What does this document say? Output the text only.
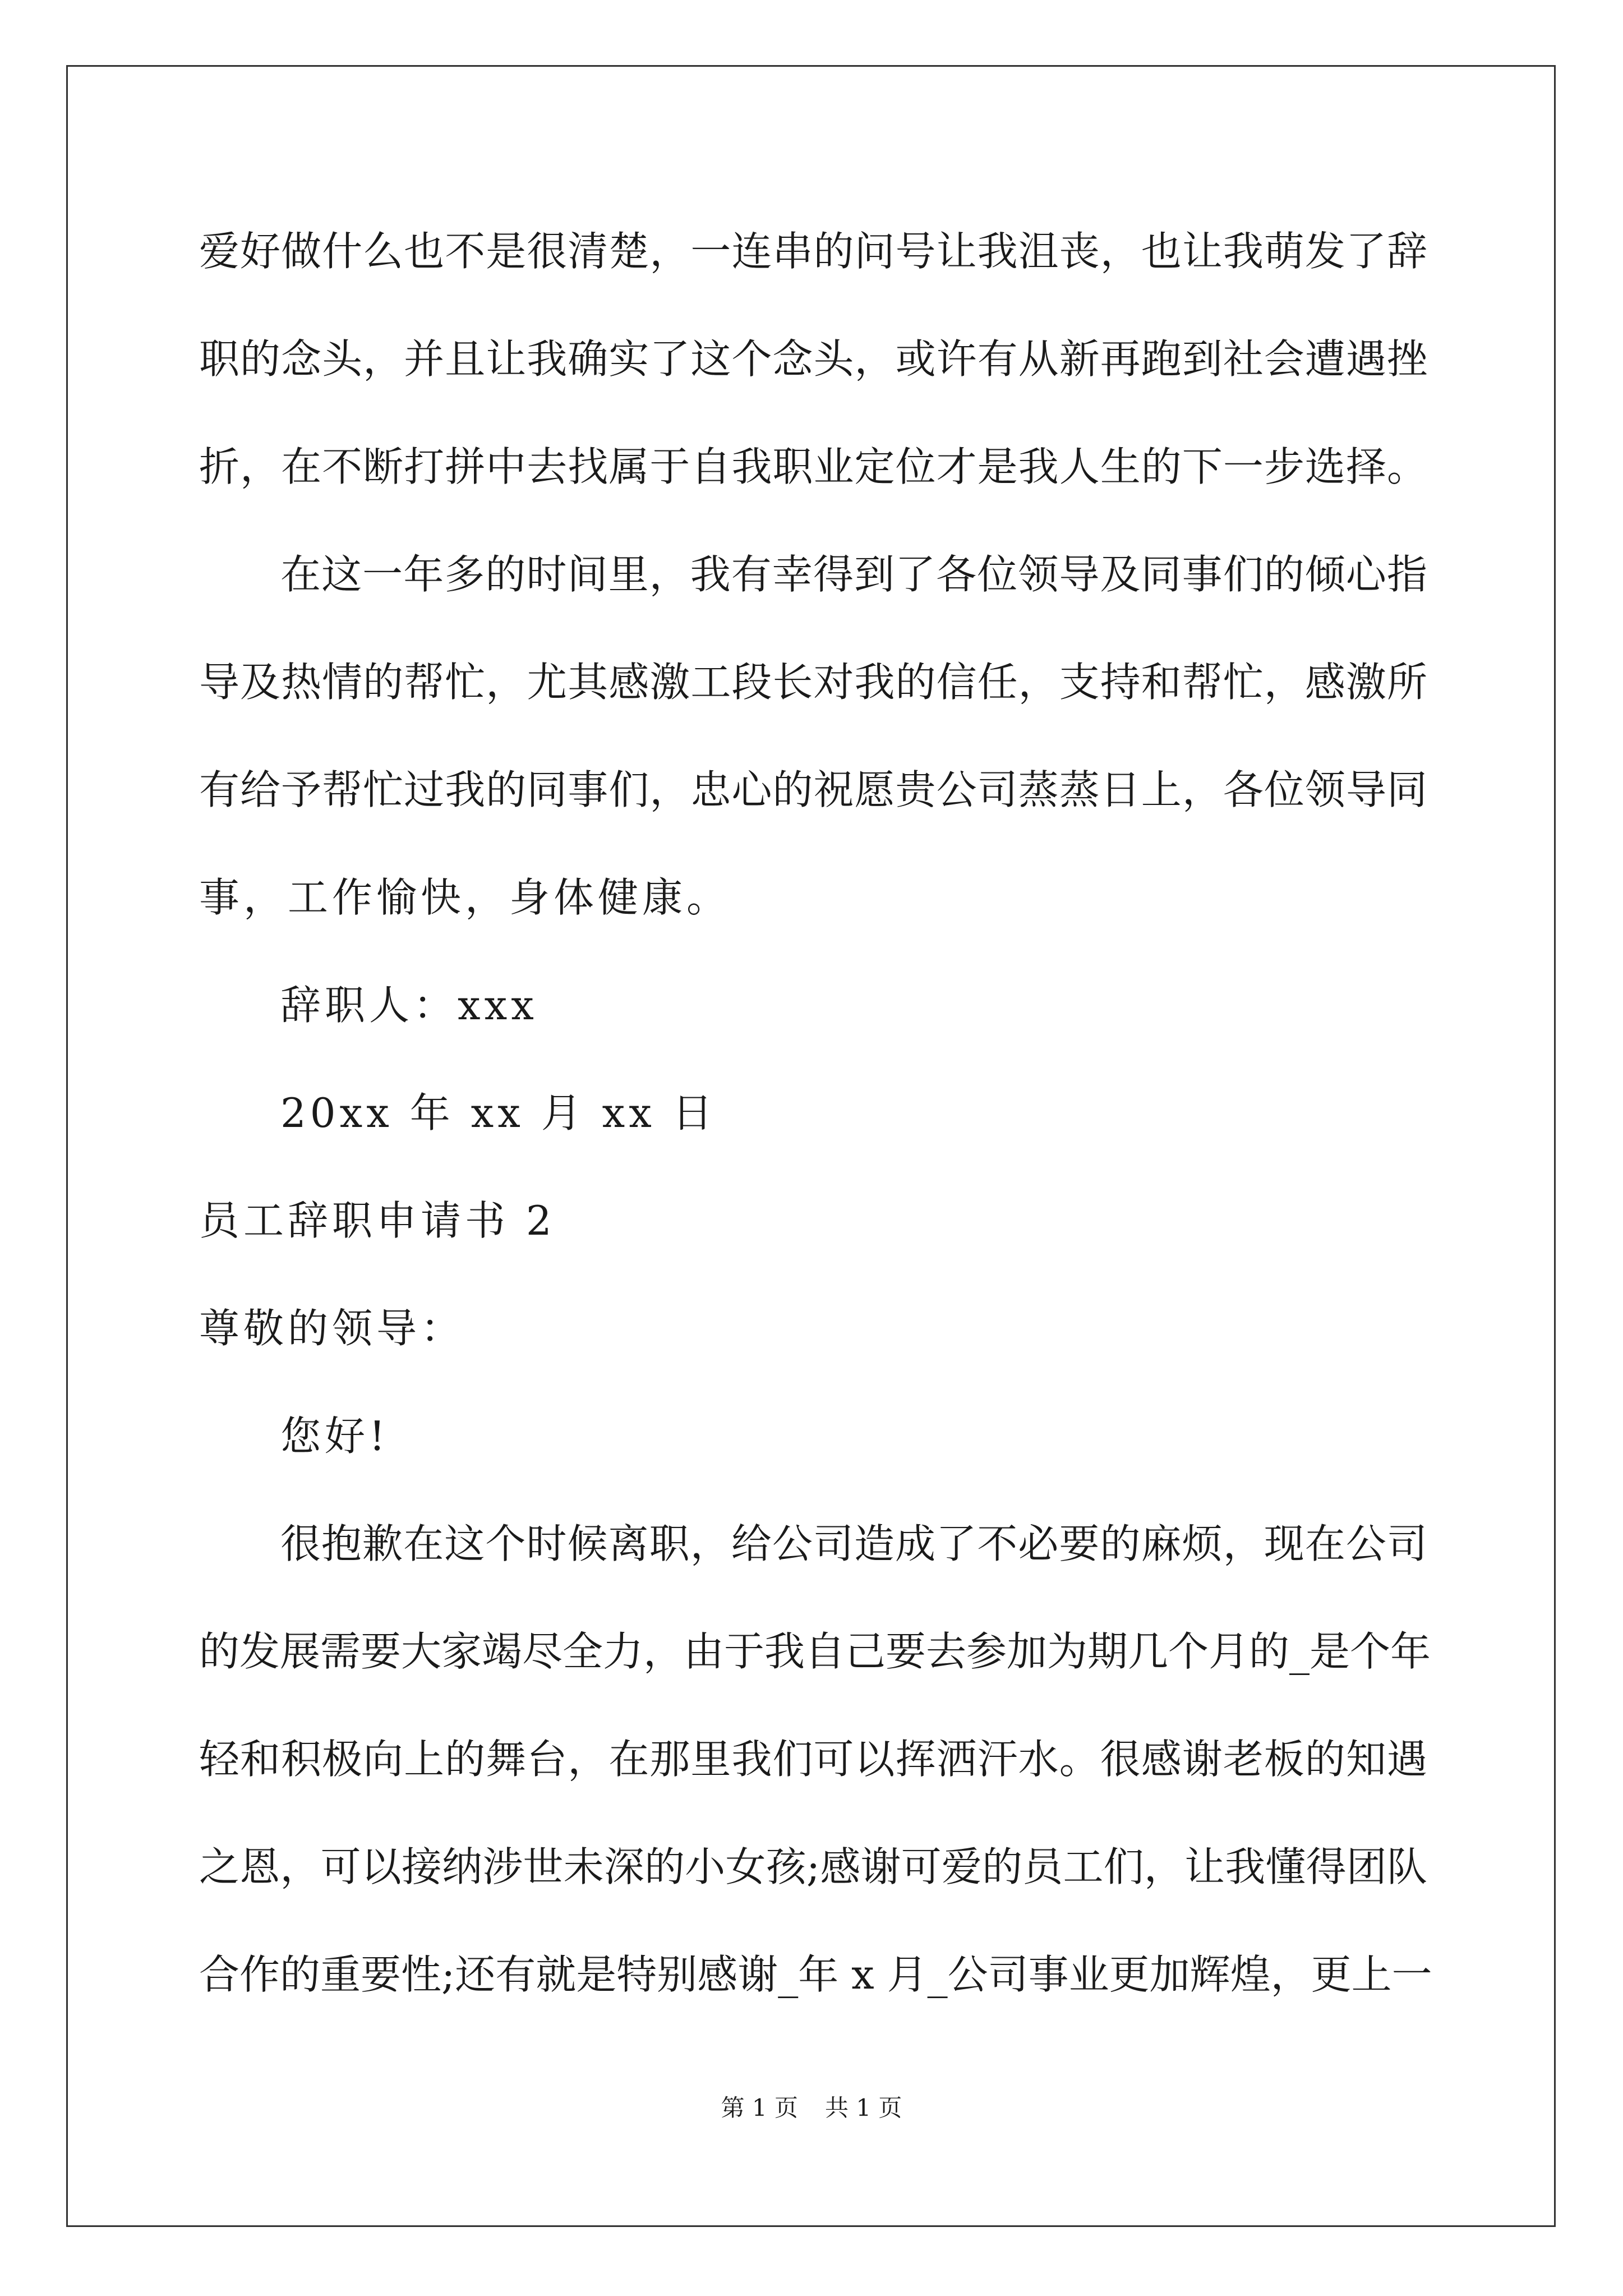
爱好做什么也不是很清楚，一连串的问号让我沮丧，也让我萌发了辞
职的念头，并且让我确实了这个念头，或许有从新再跑到社会遭遇挫
折，在不断打拼中去找属于自我职业定位才是我人生的下一步选择。
在这一年多的时间里，我有幸得到了各位领导及同事们的倾心指
导及热情的帮忙，尤其感激工段长对我的信任，支持和帮忙，感激所
有给予帮忙过我的同事们，忠心的祝愿贵公司蒸蒸日上，各位领导同
事，工作愉快，身体健康。
辞职人：xxx
20xx 年 xx 月 xx 日
员工辞职申请书 2
尊敬的领导：
您好!
很抱歉在这个时候离职，给公司造成了不必要的麻烦，现在公司
的发展需要大家竭尽全力，由于我自己要去参加为期几个月的_是个年
轻和积极向上的舞台，在那里我们可以挥洒汗水。很感谢老板的知遇
之恩，可以接纳涉世未深的小女孩;感谢可爱的员工们，让我懂得团队
合作的重要性;还有就是特别感谢_年 x 月_公司事业更加辉煌，更上一
第 1 页 共 1 页
